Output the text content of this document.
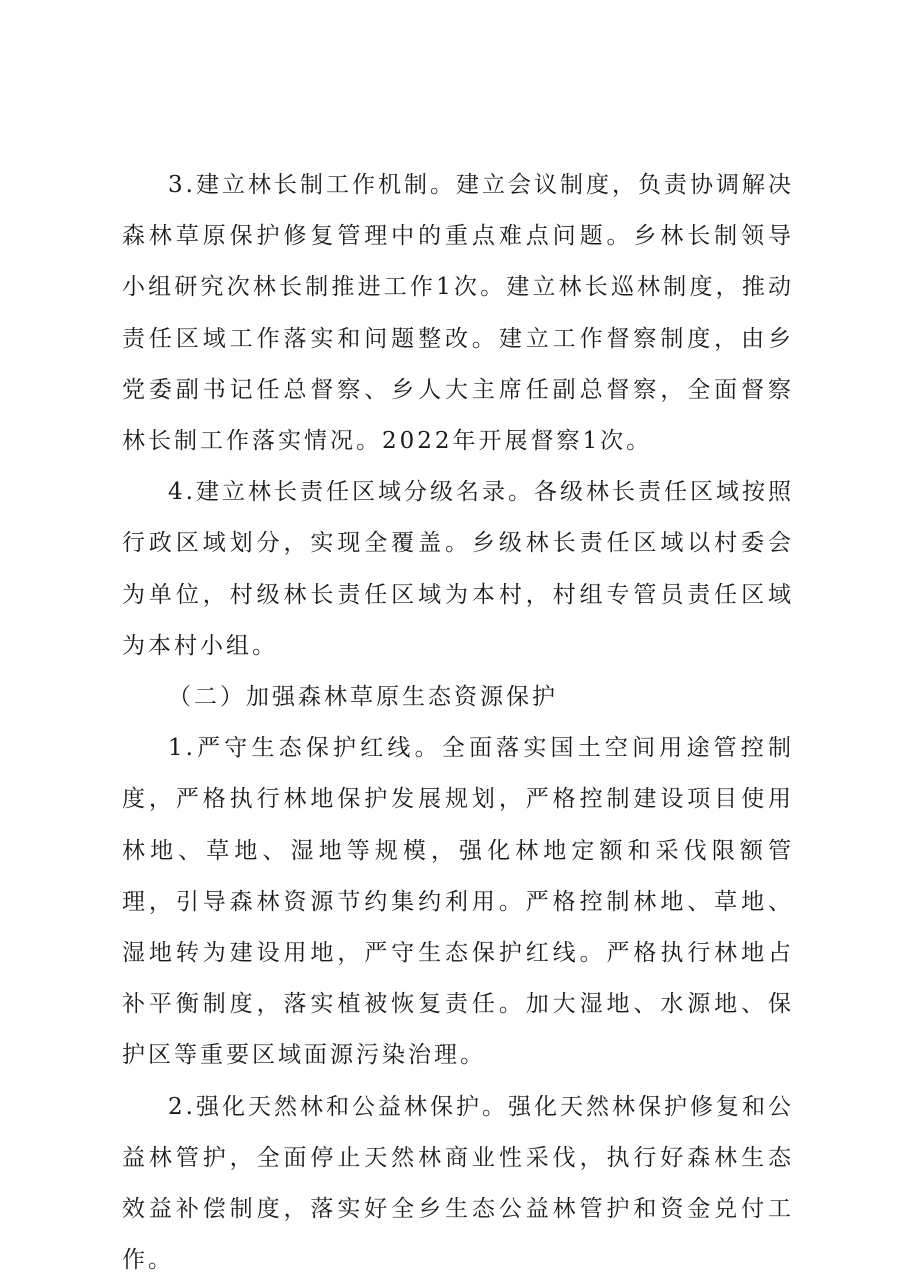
3.建立林长制工作机制。建立会议制度，负责协调解决森林草原保护修复管理中的重点难点问题。乡林长制领导小组研究次林长制推进工作1次。建立林长巡林制度，推动责任区域工作落实和问题整改。建立工作督察制度，由乡党委副书记任总督察、乡人大主席任副总督察，全面督察林长制工作落实情况。2022年开展督察1次。

4.建立林长责任区域分级名录。各级林长责任区域按照行政区域划分，实现全覆盖。乡级林长责任区域以村委会为单位，村级林长责任区域为本村，村组专管员责任区域为本村小组。

（二）加强森林草原生态资源保护

1.严守生态保护红线。全面落实国土空间用途管控制度，严格执行林地保护发展规划，严格控制建设项目使用林地、草地、湿地等规模，强化林地定额和采伐限额管理，引导森林资源节约集约利用。严格控制林地、草地、湿地转为建设用地，严守生态保护红线。严格执行林地占补平衡制度，落实植被恢复责任。加大湿地、水源地、保护区等重要区域面源污染治理。

2.强化天然林和公益林保护。强化天然林保护修复和公益林管护，全面停止天然林商业性采伐，执行好森林生态效益补偿制度，落实好全乡生态公益林管护和资金兑付工作。
